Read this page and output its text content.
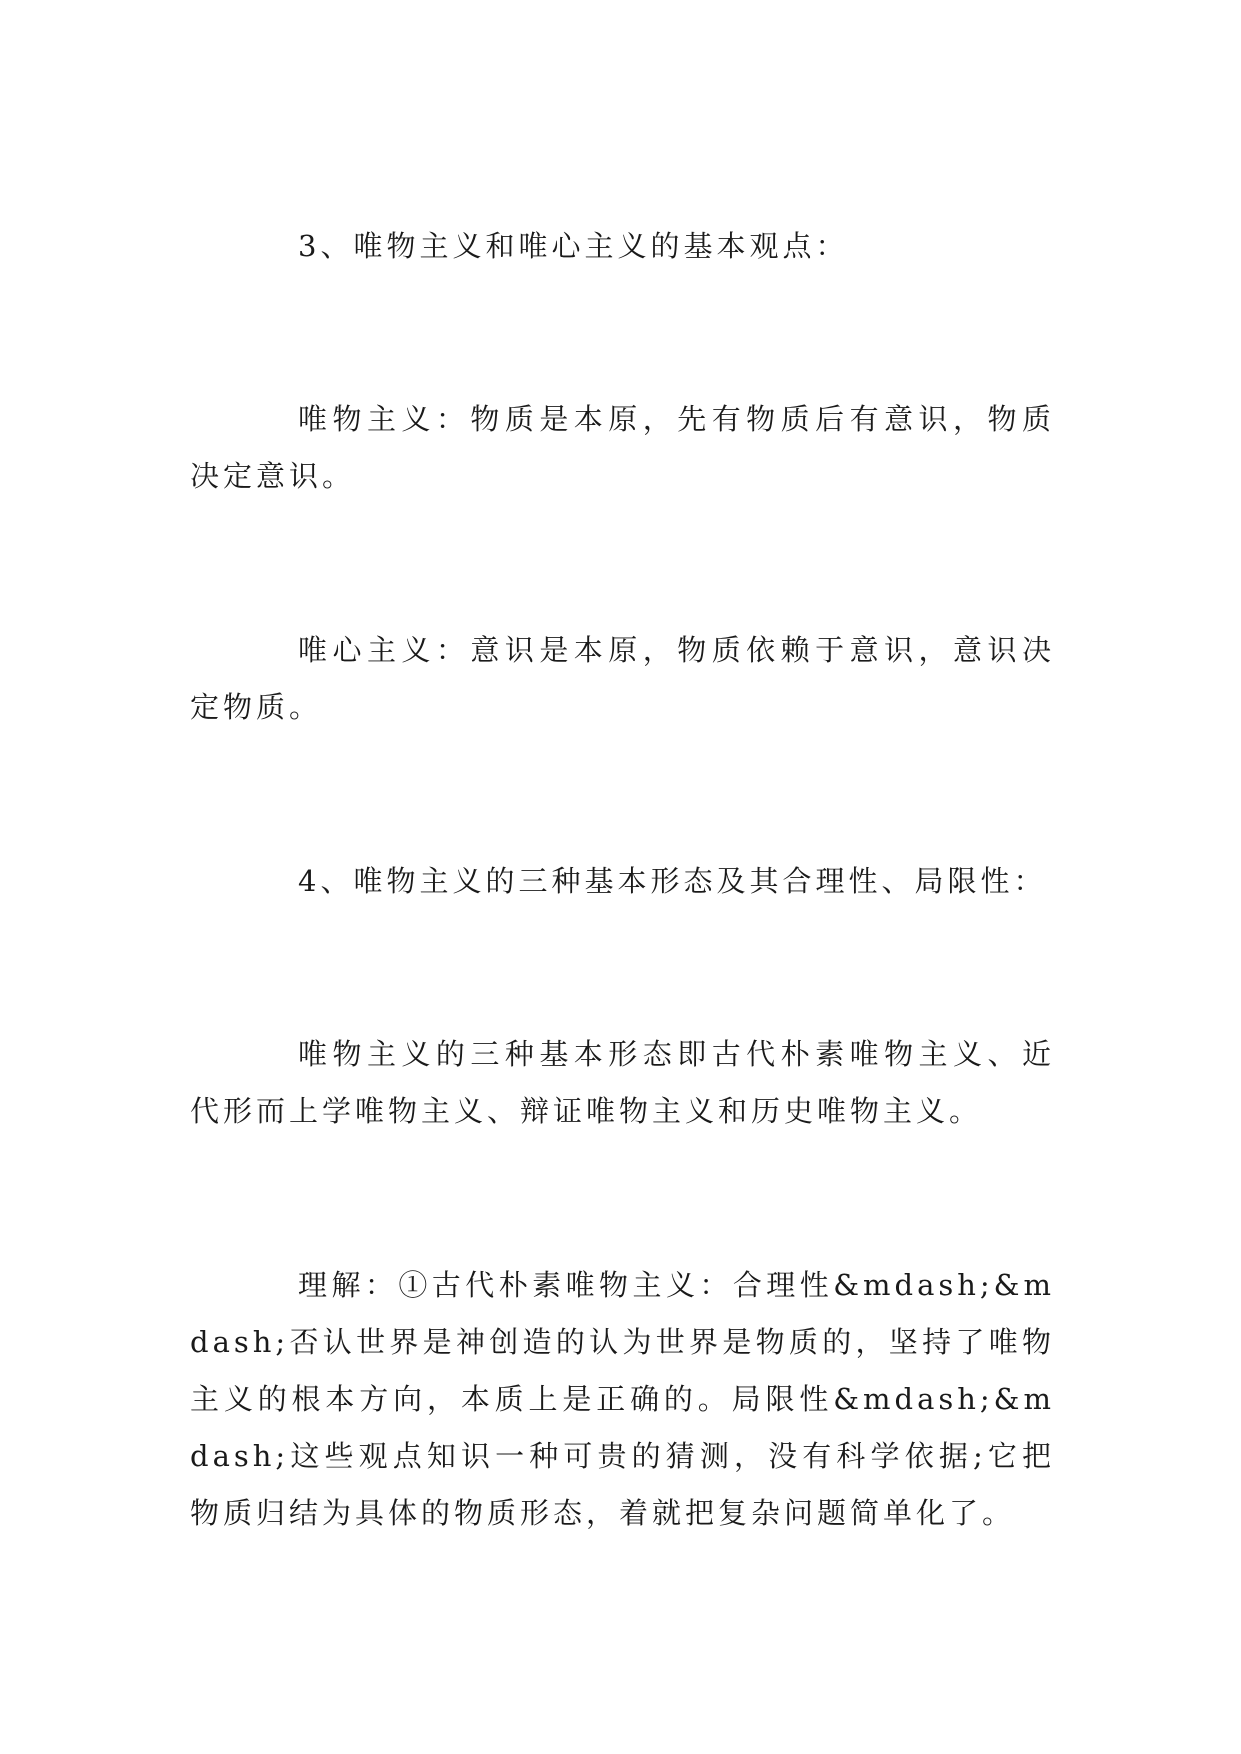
3、唯物主义和唯心主义的基本观点：

唯物主义：物质是本原，先有物质后有意识，物质决定意识。

唯心主义：意识是本原，物质依赖于意识，意识决定物质。

4、唯物主义的三种基本形态及其合理性、局限性：

唯物主义的三种基本形态即古代朴素唯物主义、近代形而上学唯物主义、辩证唯物主义和历史唯物主义。

理解：①古代朴素唯物主义：合理性&mdash;&mdash;否认世界是神创造的认为世界是物质的，坚持了唯物主义的根本方向，本质上是正确的。局限性&mdash;&mdash;这些观点知识一种可贵的猜测，没有科学依据;它把物质归结为具体的物质形态，着就把复杂问题简单化了。
